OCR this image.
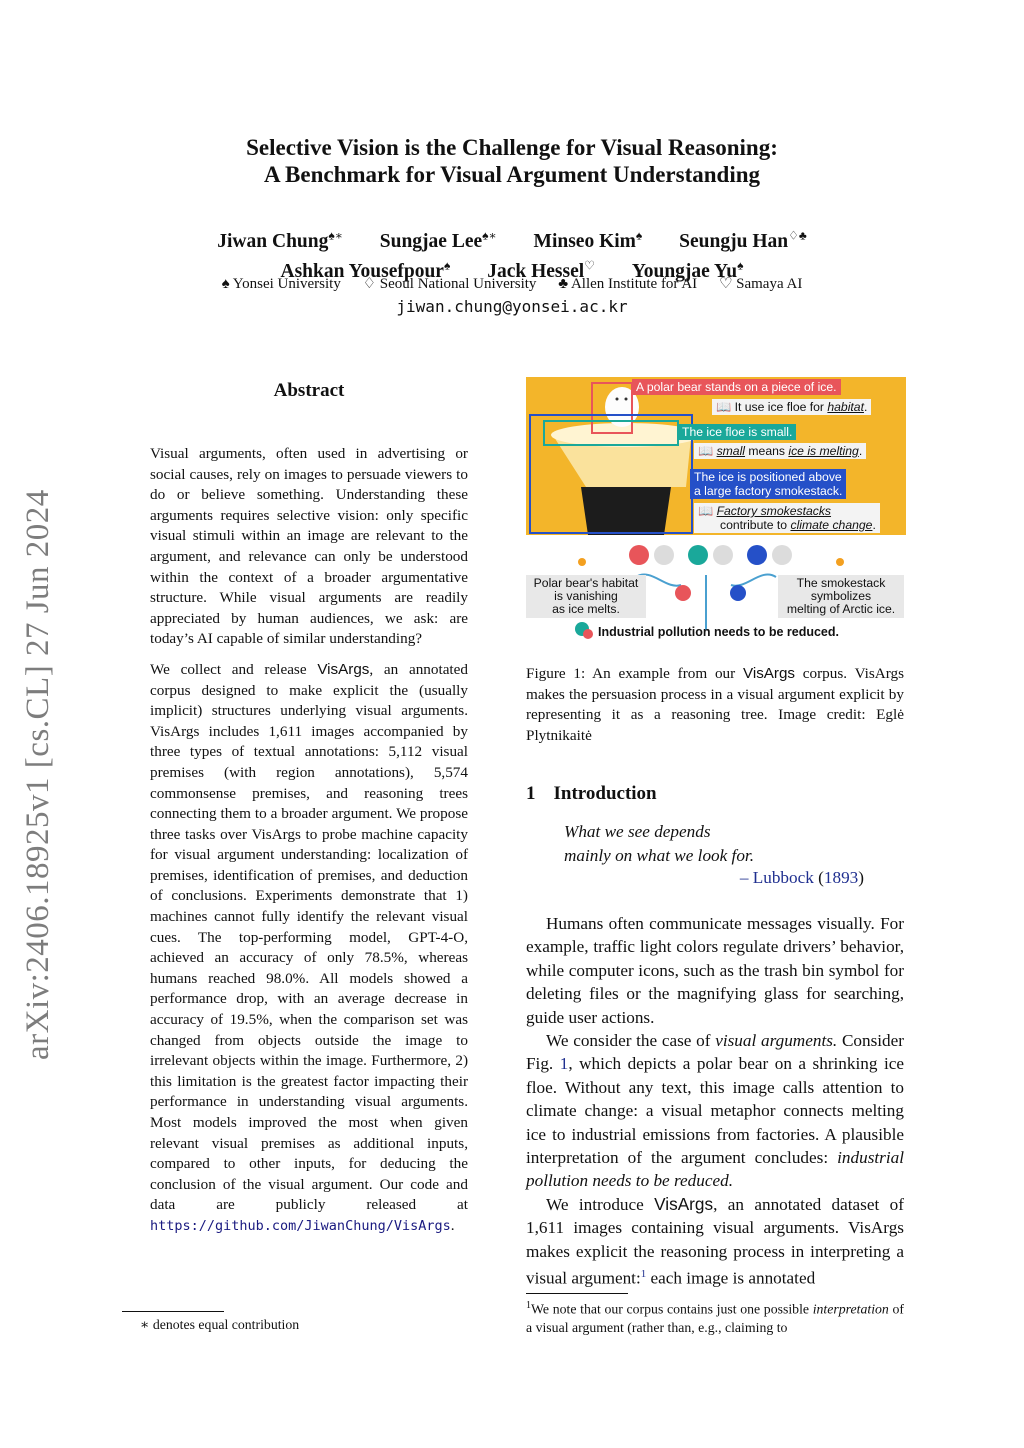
arXiv:2406.18925v1 [cs.CL] 27 Jun 2024
Selective Vision is the Challenge for Visual Reasoning:
A Benchmark for Visual Argument Understanding
Jiwan Chung♠∗ Sungjae Lee♠∗ Minseo Kim♠ Seungju Han♢♣
Ashkan Yousefpour♠ Jack Hessel♡ Youngjae Yu♠
♠ Yonsei University ♢ Seoul National University ♣ Allen Institute for AI ♡ Samaya AI
jiwan.chung@yonsei.ac.kr
Abstract

Visual arguments, often used in advertising or social causes, rely on images to persuade viewers to do or believe something. Understanding these arguments requires selective vision: only specific visual stimuli within an image are relevant to the argument, and relevance can only be understood within the context of a broader argumentative structure. While visual arguments are readily appreciated by human audiences, we ask: are today’s AI capable of similar understanding?

We collect and release VisArgs, an annotated corpus designed to make explicit the (usually implicit) structures underlying visual arguments. VisArgs includes 1,611 images accompanied by three types of textual annotations: 5,112 visual premises (with region annotations), 5,574 commonsense premises, and reasoning trees connecting them to a broader argument. We propose three tasks over VisArgs to probe machine capacity for visual argument understanding: localization of premises, identification of premises, and deduction of conclusions. Experiments demonstrate that 1) machines cannot fully identify the relevant visual cues. The top-performing model, GPT-4-O, achieved an accuracy of only 78.5%, whereas humans reached 98.0%. All models showed a performance drop, with an average decrease in accuracy of 19.5%, when the comparison set was changed from objects outside the image to irrelevant objects within the image. Furthermore, 2) this limitation is the greatest factor impacting their performance in understanding visual arguments. Most models improved the most when given relevant visual premises as additional inputs, compared to other inputs, for deducing the conclusion of the visual argument. Our code and data are publicly released at https://github.com/JiwanChung/VisArgs.

∗ denotes equal contribution
A polar bear stands on a piece of ice.
📖 It use ice floe for habitat.
The ice floe is small.
📖 small means ice is melting.
The ice is positioned above
a large factory smokestack.
📖 Factory smokestacks
contribute to climate change.
Polar bear's habitat
is vanishing
as ice melts.
The smokestack
symbolizes
melting of Arctic ice.
Industrial pollution needs to be reduced.
Figure 1: An example from our VisArgs corpus. VisArgs makes the persuasion process in a visual argument explicit by representing it as a reasoning tree. Image credit: Eglė Plytnikaitė
1 Introduction
What we see depends
mainly on what we look for.
– Lubbock (1893)

Humans often communicate messages visually. For example, traffic light colors regulate drivers’ behavior, while computer icons, such as the trash bin symbol for deleting files or the magnifying glass for searching, guide user actions.

We consider the case of visual arguments. Consider Fig. 1, which depicts a polar bear on a shrinking ice floe. Without any text, this image calls attention to climate change: a visual metaphor connects melting ice to industrial emissions from factories. A plausible interpretation of the argument concludes: industrial pollution needs to be reduced.

We introduce VisArgs, an annotated dataset of 1,611 images containing visual arguments. VisArgs makes explicit the reasoning process in interpreting a visual argument:$^1$ each image is annotated

$^1$We note that our corpus contains just one possible interpretation of a visual argument (rather than, e.g., claiming to
